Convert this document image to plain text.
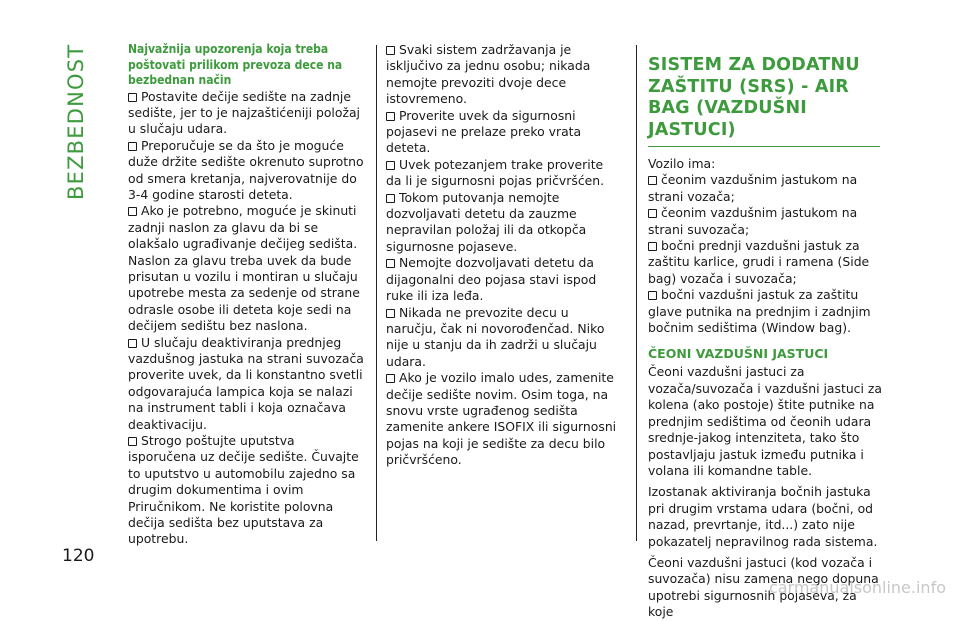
BEZBEDNOST
120

Najvažnija upozorenja koja treba poštovati prilikom prevoza dece na bezbednan način

Postavite dečije sedište na zadnje sedište, jer to je najzaštićeniji položaj u slučaju udara.

Preporučuje se da što je moguće duže držite sedište okrenuto suprotno od smera kretanja, najverovatnije do 3-4 godine starosti deteta.

Ako je potrebno, moguće je skinuti zadnji naslon za glavu da bi se olakšalo ugrađivanje dečijeg sedišta.

Naslon za glavu treba uvek da bude prisutan u vozilu i montiran u slučaju upotrebe mesta za sedenje od strane odrasle osobe ili deteta koje sedi na dečijem sedištu bez naslona.

U slučaju deaktiviranja prednjeg vazdušnog jastuka na strani suvozača proverite uvek, da li konstantno svetli odgovarajuća lampica koja se nalazi na instrument tabli i koja označava deaktivaciju.

Strogo poštujte uputstva isporučena uz dečije sedište. Čuvajte to uputstvo u automobilu zajedno sa drugim dokumentima i ovim Priručnikom. Ne koristite polovna dečija sedišta bez uputstava za upotrebu.

Svaki sistem zadržavanja je isključivo za jednu osobu; nikada nemojte prevoziti dvoje dece istovremeno.

Proverite uvek da sigurnosni pojasevi ne prelaze preko vrata deteta.

Uvek potezanjem trake proverite da li je sigurnosni pojas pričvršćen.

Tokom putovanja nemojte dozvoljavati detetu da zauzme nepravilan položaj ili da otkopča sigurnosne pojaseve.

Nemojte dozvoljavati detetu da dijagonalni deo pojasa stavi ispod ruke ili iza leđa.

Nikada ne prevozite decu u naručju, čak ni novorođenčad. Niko nije u stanju da ih zadrži u slučaju udara.

Ako je vozilo imalo udes, zamenite dečije sedište novim. Osim toga, na snovu vrste ugrađenog sedišta zamenite ankere ISOFIX ili sigurnosni pojas na koji je sedište za decu bilo pričvršćeno.

SISTEM ZA DODATNU ZAŠTITU (SRS) - AIR BAG (VAZDUŠNI JASTUCI)

Vozilo ima:

čeonim vazdušnim jastukom na strani vozača;

čeonim vazdušnim jastukom na strani suvozača;

bočni prednji vazdušni jastuk za zaštitu karlice, grudi i ramena (Side bag) vozača i suvozača;

bočni vazdušni jastuk za zaštitu glave putnika na prednjim i zadnjim bočnim sedištima (Window bag).

ČEONI VAZDUŠNI JASTUCI

Čeoni vazdušni jastuci za vozača/suvozača i vazdušni jastuci za kolena (ako postoje) štite putnike na prednjim sedištima od čeonih udara srednje-jakog intenziteta, tako što postavljaju jastuk između putnika i volana ili komandne table.

Izostanak aktiviranja bočnih jastuka pri drugim vrstama udara (bočni, od nazad, prevrtanje, itd...) zato nije pokazatelj nepravilnog rada sistema.

Čeoni vazdušni jastuci (kod vozača i suvozača) nisu zamena nego dopuna upotrebi sigurnosnih pojaseva, za koje

carmanualsonline.info
